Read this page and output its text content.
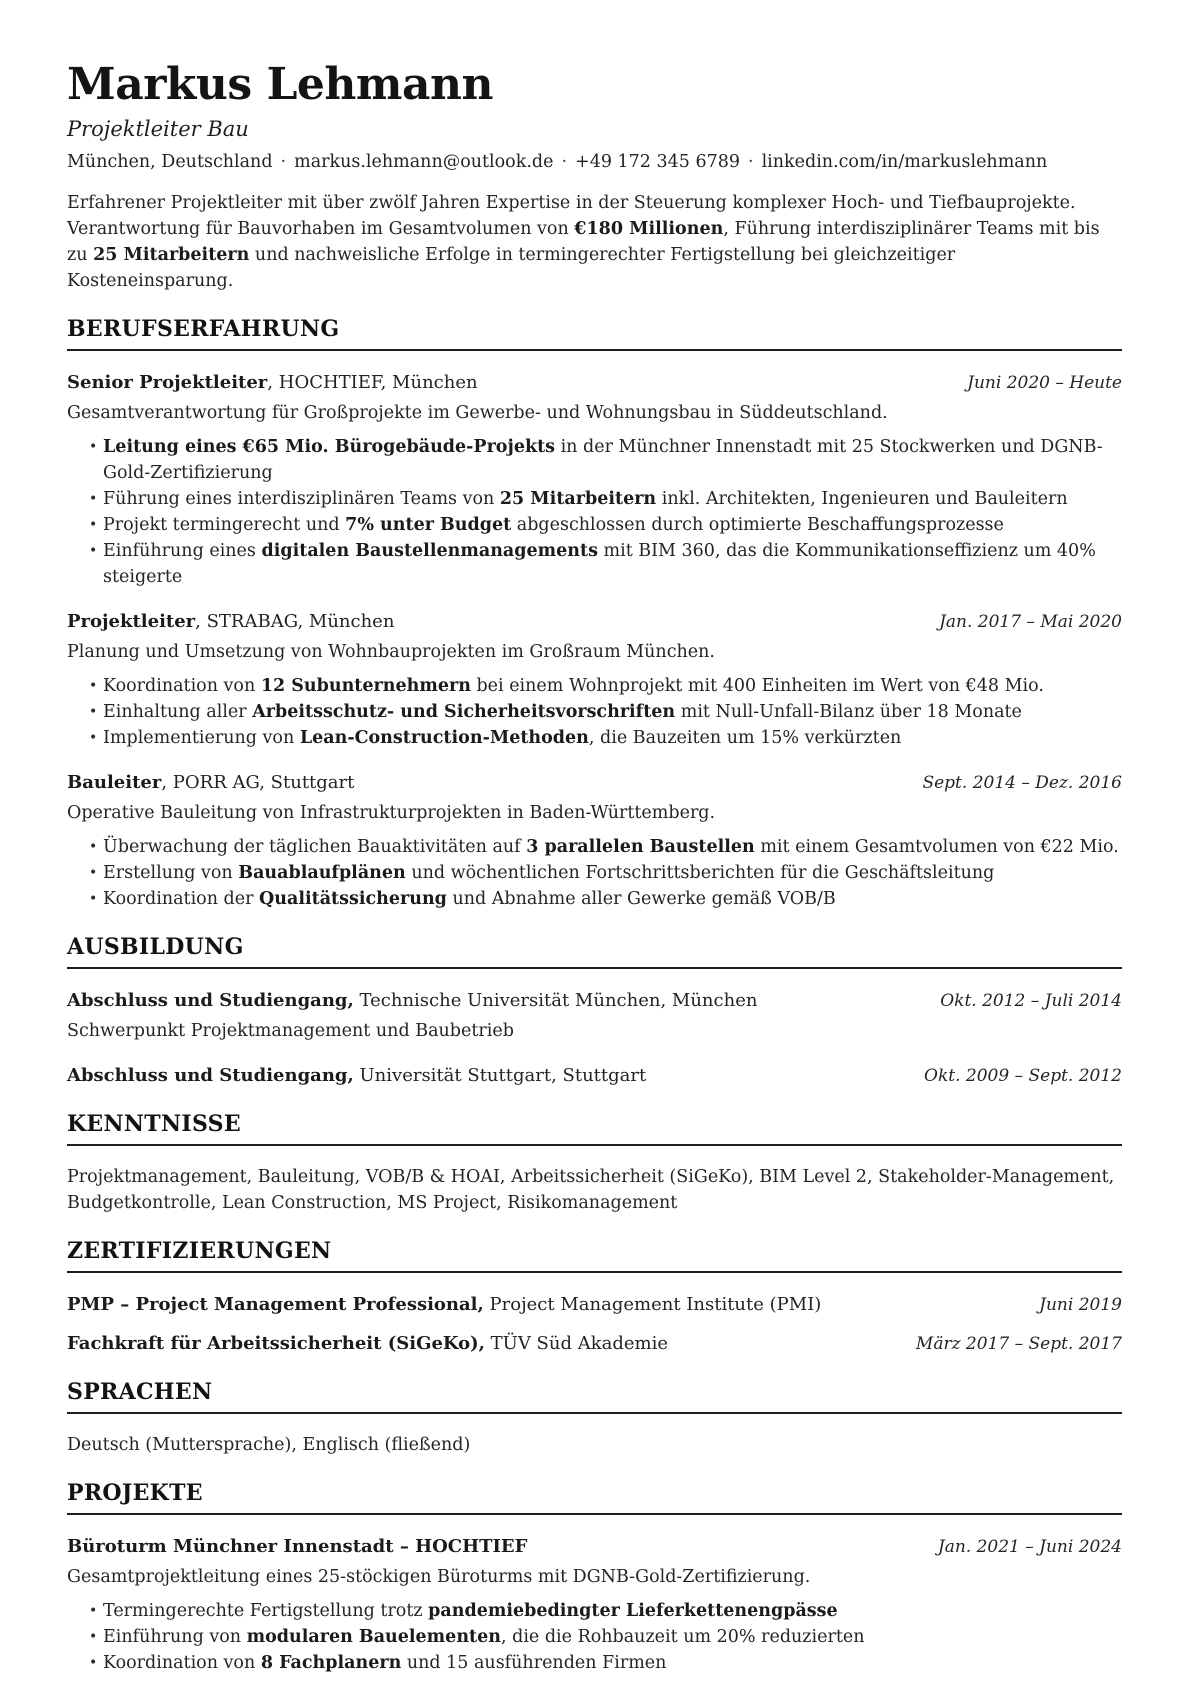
Markus Lehmann
Projektleiter Bau
München, Deutschland · markus.lehmann@outlook.de · +49 172 345 6789 · linkedin.com/in/markuslehmann

Erfahrener Projektleiter mit über zwölf Jahren Expertise in der Steuerung komplexer Hoch- und Tiefbauprojekte. Verantwortung für Bauvorhaben im Gesamtvolumen von €180 Millionen, Führung interdisziplinärer Teams mit bis zu 25 Mitarbeitern und nachweisliche Erfolge in termingerechter Fertigstellung bei gleichzeitiger Kosteneinsparung.

BERUFSERFAHRUNG
Senior Projektleiter, HOCHTIEF, München	Juni 2020 – Heute

Gesamtverantwortung für Großprojekte im Gewerbe- und Wohnungsbau in Süddeutschland.

• Leitung eines €65 Mio. Bürogebäude-Projekts in der Münchner Innenstadt mit 25 Stockwerken und DGNB-Gold-Zertifizierung
• Führung eines interdisziplinären Teams von 25 Mitarbeitern inkl. Architekten, Ingenieuren und Bauleitern
• Projekt termingerecht und 7% unter Budget abgeschlossen durch optimierte Beschaffungsprozesse
• Einführung eines digitalen Baustellenmanagements mit BIM 360, das die Kommunikationseffizienz um 40% steigerte
Projektleiter, STRABAG, München	Jan. 2017 – Mai 2020

Planung und Umsetzung von Wohnbauprojekten im Großraum München.

• Koordination von 12 Subunternehmern bei einem Wohnprojekt mit 400 Einheiten im Wert von €48 Mio.
• Einhaltung aller Arbeitsschutz- und Sicherheitsvorschriften mit Null-Unfall-Bilanz über 18 Monate
• Implementierung von Lean-Construction-Methoden, die Bauzeiten um 15% verkürzten
Bauleiter, PORR AG, Stuttgart	Sept. 2014 – Dez. 2016

Operative Bauleitung von Infrastrukturprojekten in Baden-Württemberg.

• Überwachung der täglichen Bauaktivitäten auf 3 parallelen Baustellen mit einem Gesamtvolumen von €22 Mio.
• Erstellung von Bauablaufplänen und wöchentlichen Fortschrittsberichten für die Geschäftsleitung
• Koordination der Qualitätssicherung und Abnahme aller Gewerke gemäß VOB/B
AUSBILDUNG
Abschluss und Studiengang, Technische Universität München, München	Okt. 2012 – Juli 2014

Schwerpunkt Projektmanagement und Baubetrieb

Abschluss und Studiengang, Universität Stuttgart, Stuttgart	Okt. 2009 – Sept. 2012
KENNTNISSE

Projektmanagement, Bauleitung, VOB/B & HOAI, Arbeitssicherheit (SiGeKo), BIM Level 2, Stakeholder-Management, Budgetkontrolle, Lean Construction, MS Project, Risikomanagement

ZERTIFIZIERUNGEN
PMP – Project Management Professional, Project Management Institute (PMI)	Juni 2019
Fachkraft für Arbeitssicherheit (SiGeKo), TÜV Süd Akademie	März 2017 – Sept. 2017
SPRACHEN

Deutsch (Muttersprache), Englisch (fließend)

PROJEKTE
Büroturm Münchner Innenstadt – HOCHTIEF	Jan. 2021 – Juni 2024

Gesamtprojektleitung eines 25-stöckigen Büroturms mit DGNB-Gold-Zertifizierung.

• Termingerechte Fertigstellung trotz pandemiebedingter Lieferkettenengpässe
• Einführung von modularen Bauelementen, die die Rohbauzeit um 20% reduzierten
• Koordination von 8 Fachplanern und 15 ausführenden Firmen
